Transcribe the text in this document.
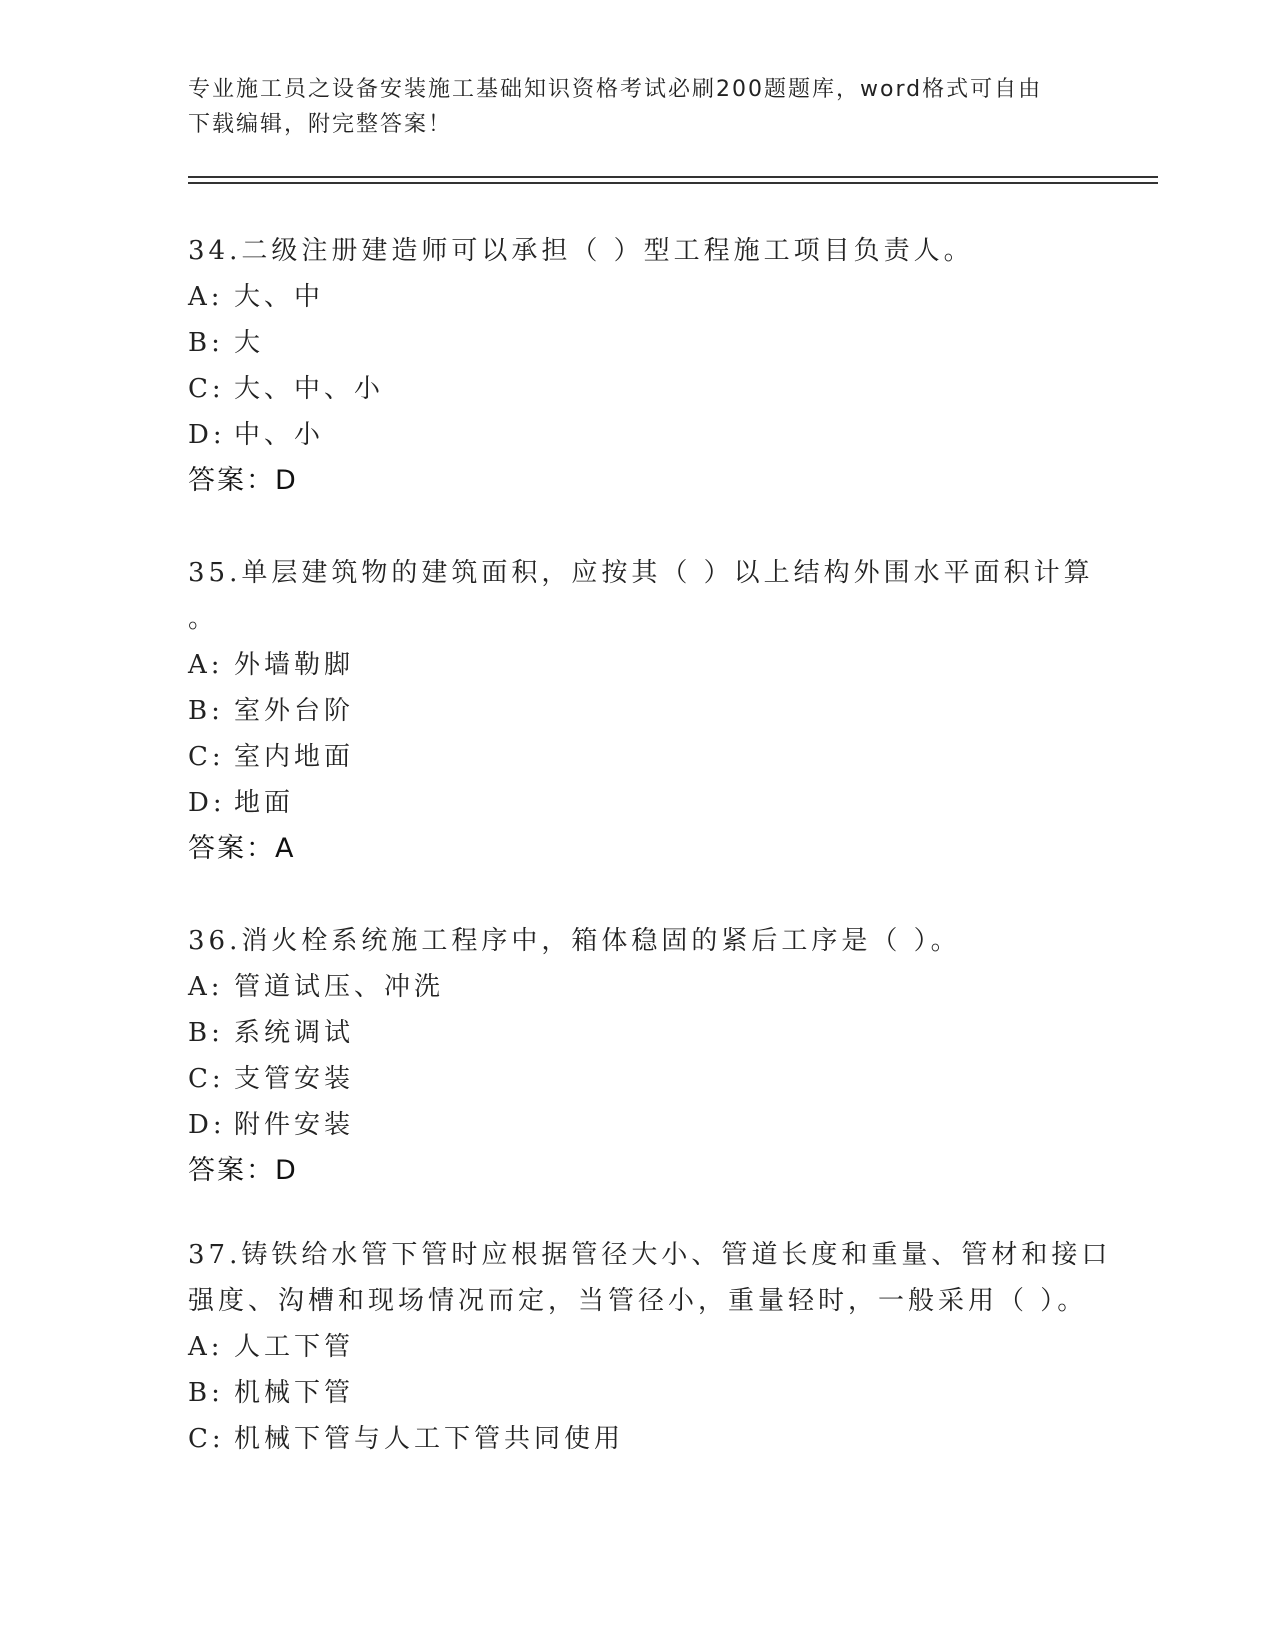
专业施工员之设备安装施工基础知识资格考试必刷200题题库，word格式可自由
下载编辑，附完整答案！
34.二级注册建造师可以承担（ ）型工程施工项目负责人。
A: 大、中
B: 大
C: 大、中、小
D: 中、小
答案：D
35.单层建筑物的建筑面积，应按其（ ）以上结构外围水平面积计算
。
A: 外墙勒脚
B: 室外台阶
C: 室内地面
D: 地面
答案：A
36.消火栓系统施工程序中，箱体稳固的紧后工序是（ ）。
A: 管道试压、冲洗
B: 系统调试
C: 支管安装
D: 附件安装
答案：D
37.铸铁给水管下管时应根据管径大小、管道长度和重量、管材和接口
强度、沟槽和现场情况而定，当管径小，重量轻时，一般采用（ ）。
A: 人工下管
B: 机械下管
C: 机械下管与人工下管共同使用
